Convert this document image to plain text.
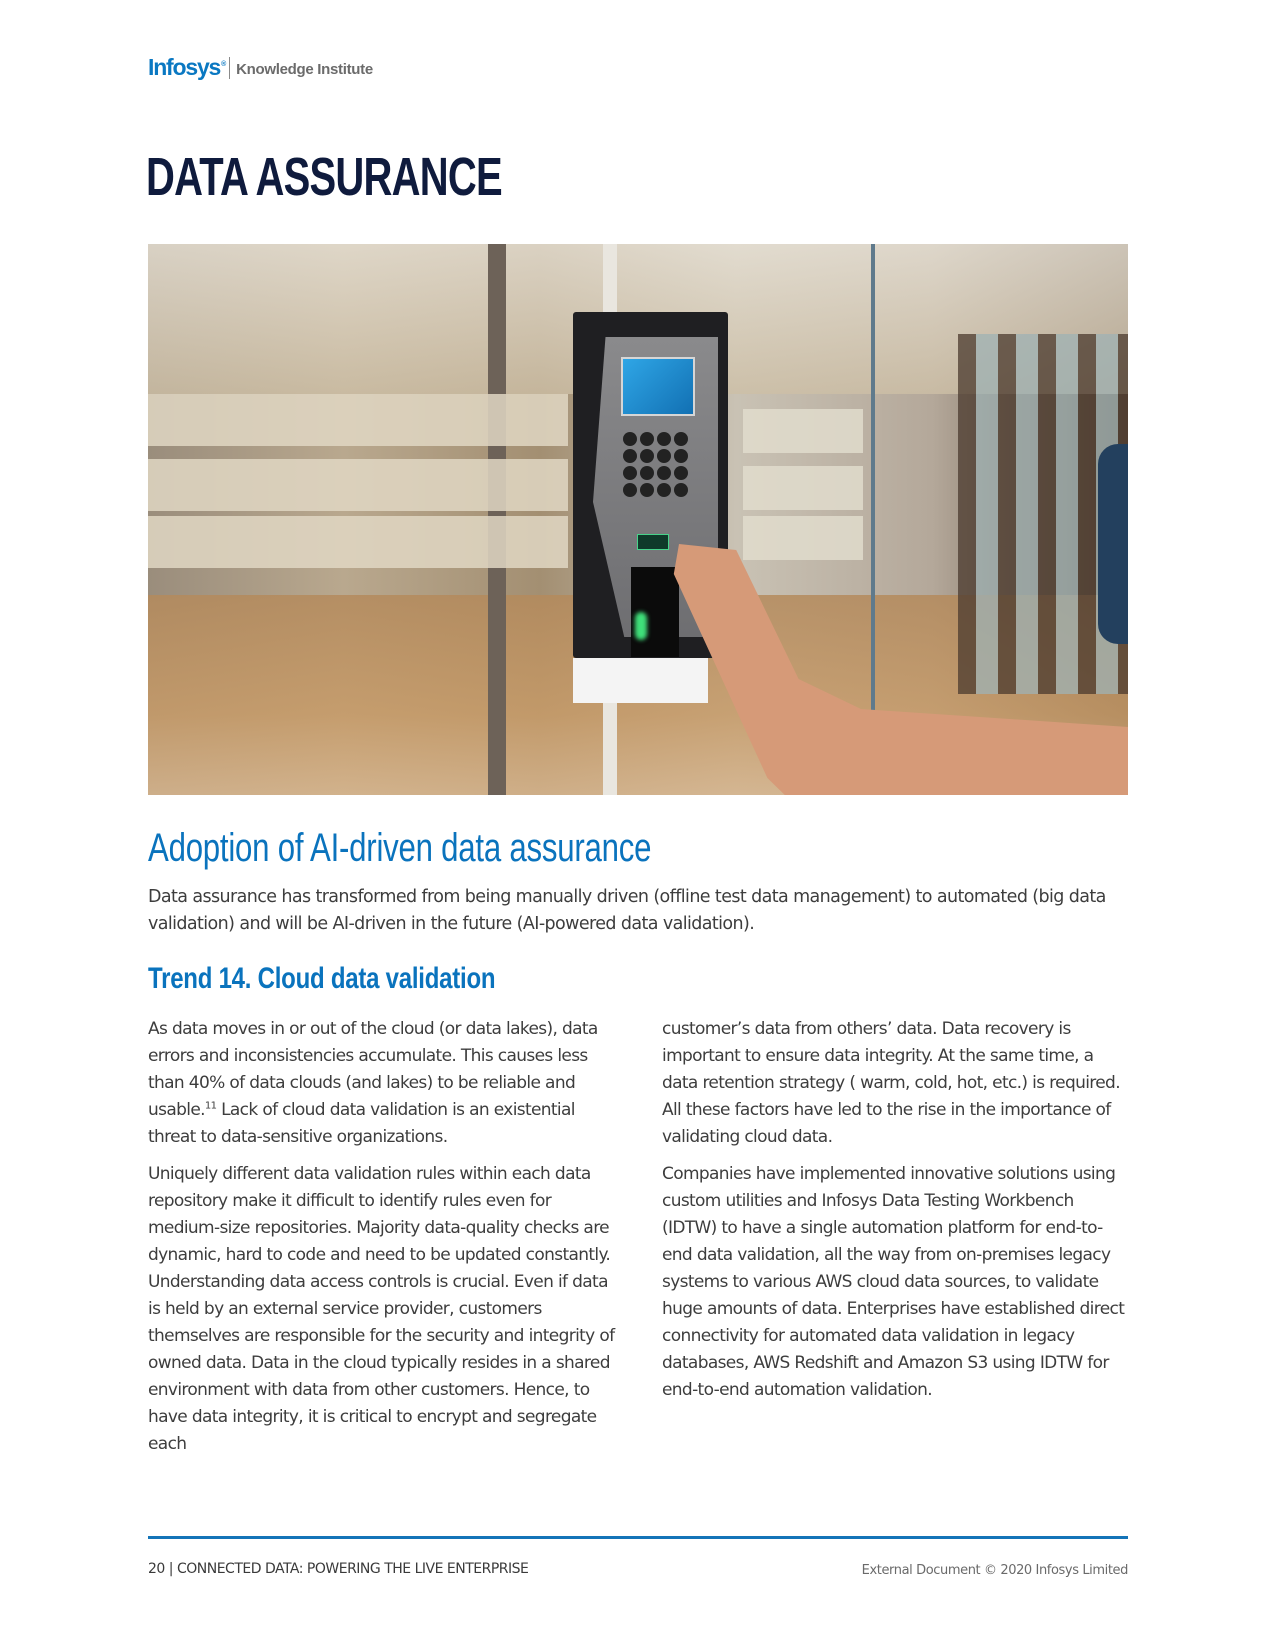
Infosys® Knowledge Institute
DATA ASSURANCE
Adoption of AI-driven data assurance

Data assurance has transformed from being manually driven (offline test data management) to automated (big data validation) and will be AI-driven in the future (AI-powered data validation).

Trend 14. Cloud data validation

As data moves in or out of the cloud (or data lakes), data errors and inconsistencies accumulate. This causes less than 40% of data clouds (and lakes) to be reliable and usable.$^{11}$ Lack of cloud data validation is an existential threat to data-sensitive organizations.

Uniquely different data validation rules within each data repository make it difficult to identify rules even for medium-size repositories. Majority data-quality checks are dynamic, hard to code and need to be updated constantly. Understanding data access controls is crucial. Even if data is held by an external service provider, customers themselves are responsible for the security and integrity of owned data. Data in the cloud typically resides in a shared environment with data from other customers. Hence, to have data integrity, it is critical to encrypt and segregate each

customer’s data from others’ data. Data recovery is important to ensure data integrity. At the same time, a data retention strategy ( warm, cold, hot, etc.) is required. All these factors have led to the rise in the importance of validating cloud data.

Companies have implemented innovative solutions using custom utilities and Infosys Data Testing Workbench (IDTW) to have a single automation platform for end-to-end data validation, all the way from on-premises legacy systems to various AWS cloud data sources, to validate huge amounts of data. Enterprises have established direct connectivity for automated data validation in legacy databases, AWS Redshift and Amazon S3 using IDTW for end-to-end automation validation.

20 | CONNECTED DATA: POWERING THE LIVE ENTERPRISE	External Document © 2020 Infosys Limited
